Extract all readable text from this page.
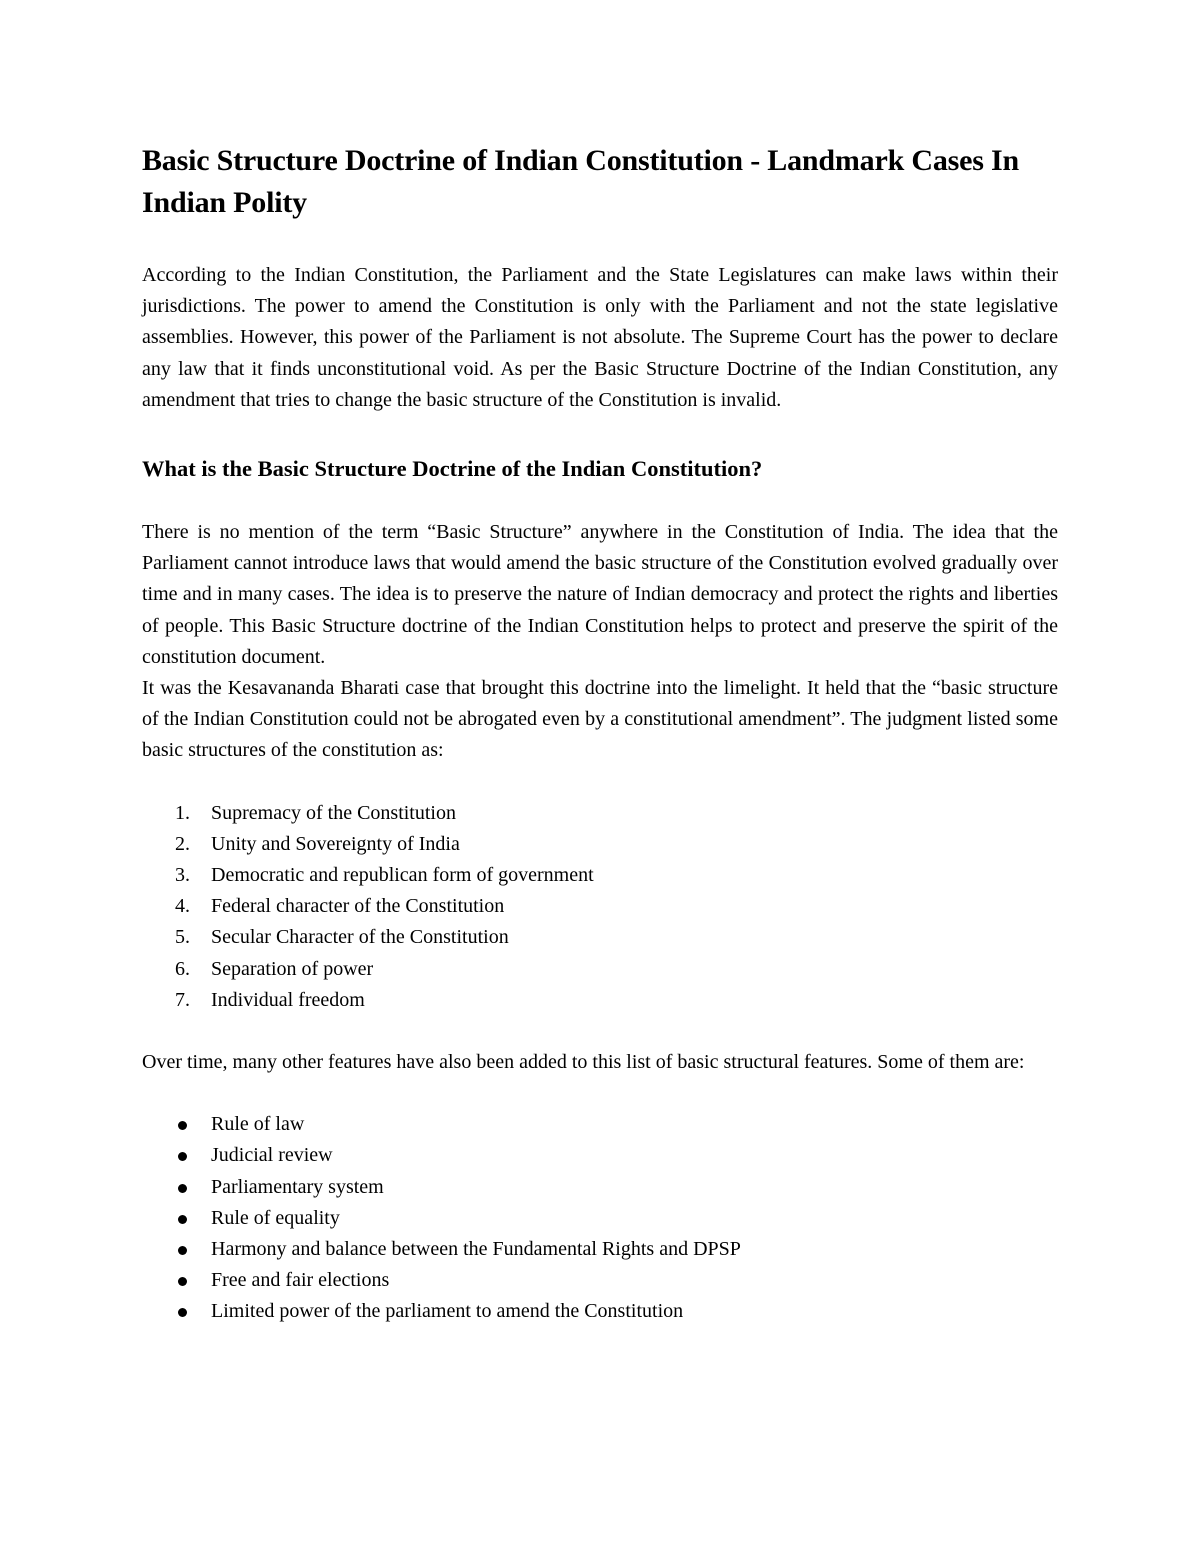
Basic Structure Doctrine of Indian Constitution - Landmark Cases In Indian Polity

According to the Indian Constitution, the Parliament and the State Legislatures can make laws within their jurisdictions. The power to amend the Constitution is only with the Parliament and not the state legislative assemblies. However, this power of the Parliament is not absolute. The Supreme Court has the power to declare any law that it finds unconstitutional void. As per the Basic Structure Doctrine of the Indian Constitution, any amendment that tries to change the basic structure of the Constitution is invalid.

What is the Basic Structure Doctrine of the Indian Constitution?

There is no mention of the term “Basic Structure” anywhere in the Constitution of India. The idea that the Parliament cannot introduce laws that would amend the basic structure of the Constitution evolved gradually over time and in many cases. The idea is to preserve the nature of Indian democracy and protect the rights and liberties of people. This Basic Structure doctrine of the Indian Constitution helps to protect and preserve the spirit of the constitution document.

It was the Kesavananda Bharati case that brought this doctrine into the limelight. It held that the “basic structure of the Indian Constitution could not be abrogated even by a constitutional amendment”. The judgment listed some basic structures of the constitution as:

1. Supremacy of the Constitution
2. Unity and Sovereignty of India
3. Democratic and republican form of government
4. Federal character of the Constitution
5. Secular Character of the Constitution
6. Separation of power
7. Individual freedom

Over time, many other features have also been added to this list of basic structural features. Some of them are:

Rule of law
Judicial review
Parliamentary system
Rule of equality
Harmony and balance between the Fundamental Rights and DPSP
Free and fair elections
Limited power of the parliament to amend the Constitution
